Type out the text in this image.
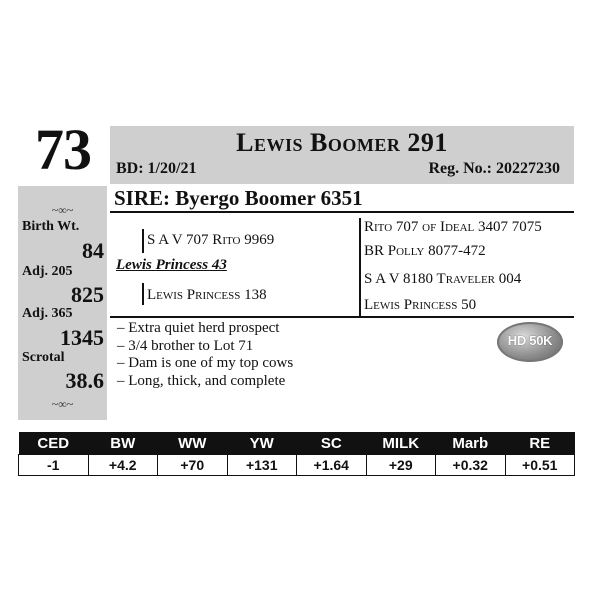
73	Lewis Boomer 291
BD: 1/20/21	Reg. No.: 20227230
SIRE: Byergo Boomer 6351
~∞~
Birth Wt.
84
Adj. 205
825
Adj. 365
1345
Scrotal
38.6
~∞~
S A V 707 Rito 9969
Lewis Princess 43
Lewis Princess 138
Rito 707 of Ideal 3407 7075
BR Polly 8077-472
S A V 8180 Traveler 004
Lewis Princess 50
– Extra quiet herd prospect
– 3/4 brother to Lot 71
– Dam is one of my top cows
– Long, thick, and complete
HD 50K
CED	BW	WW	YW	SC	MILK	Marb	RE
-1	+4.2	+70	+131	+1.64	+29	+0.32	+0.51
